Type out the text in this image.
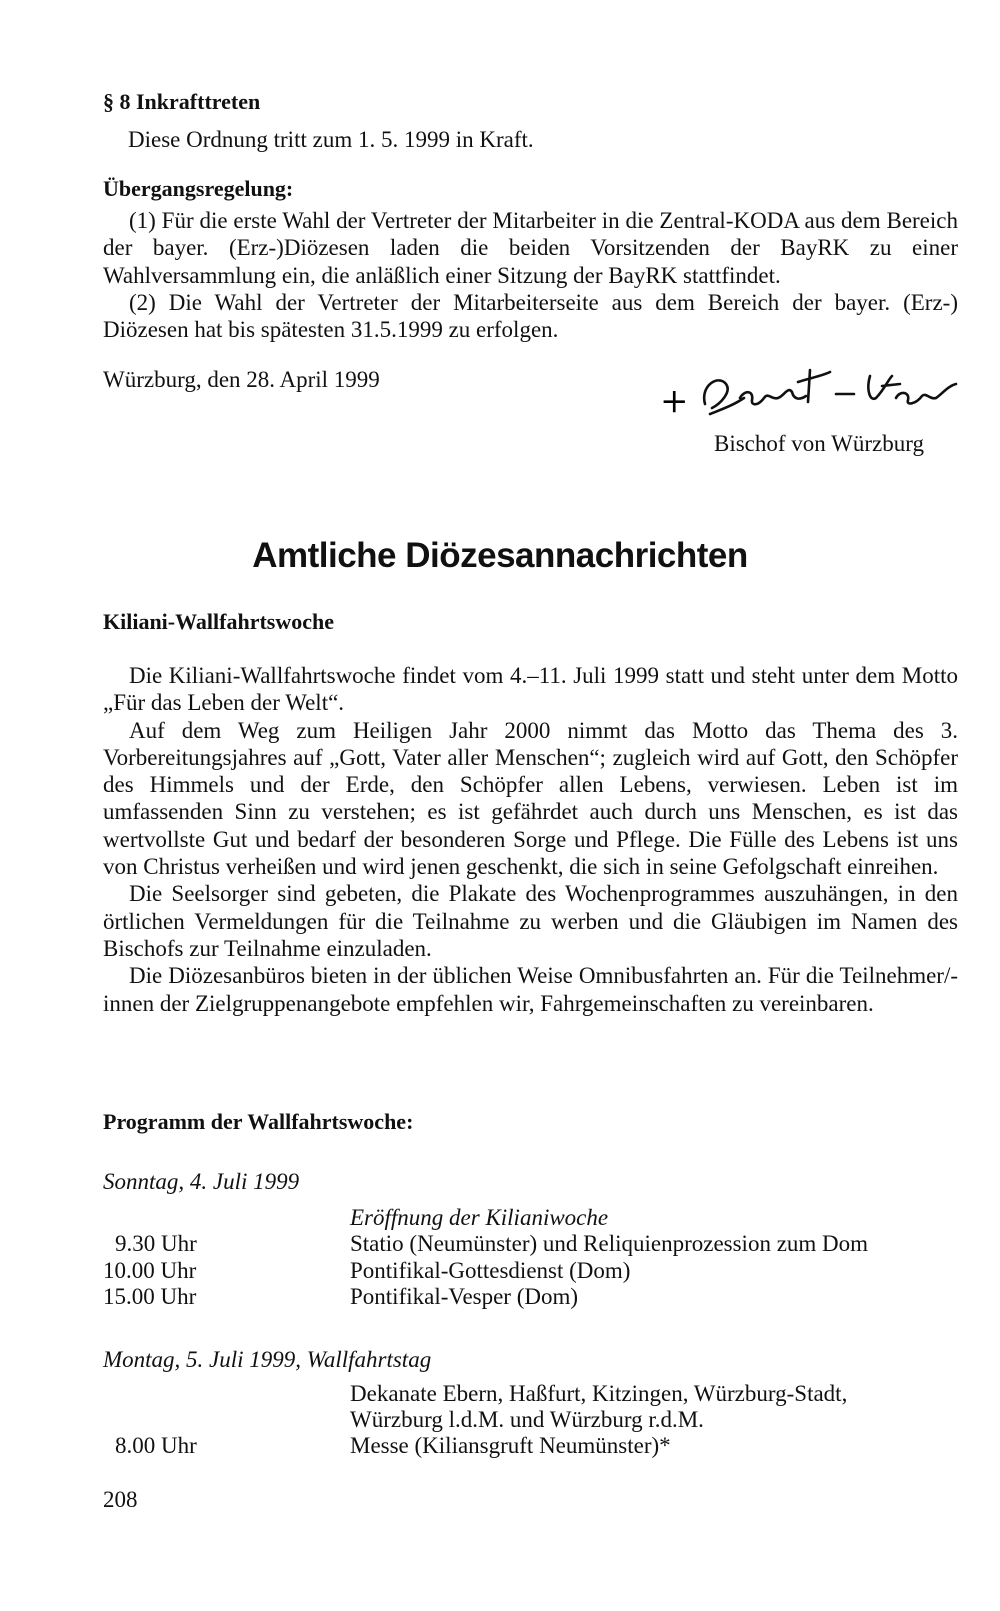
§ 8 Inkrafttreten
Diese Ordnung tritt zum 1. 5. 1999 in Kraft.
Übergangsregelung:

(1) Für die erste Wahl der Vertreter der Mitarbeiter in die Zentral-KODA aus dem Bereich der bayer. (Erz-)Diözesen laden die beiden Vorsitzenden der BayRK zu einer Wahlversammlung ein, die anläßlich einer Sitzung der BayRK stattfindet.

(2) Die Wahl der Vertreter der Mitarbeiterseite aus dem Bereich der bayer. (Erz-) Diözesen hat bis spätesten 31.5.1999 zu erfolgen.

Würzburg, den 28. April 1999
+
Bischof von Würzburg
Amtliche Diözesannachrichten
Kiliani-Wallfahrtswoche

Die Kiliani-Wallfahrtswoche findet vom 4.–11. Juli 1999 statt und steht unter dem Motto „Für das Leben der Welt“.

Auf dem Weg zum Heiligen Jahr 2000 nimmt das Motto das Thema des 3. Vorbereitungsjahres auf „Gott, Vater aller Menschen“; zugleich wird auf Gott, den Schöpfer des Himmels und der Erde, den Schöpfer allen Lebens, verwiesen. Leben ist im umfassenden Sinn zu verstehen; es ist gefährdet auch durch uns Menschen, es ist das wertvollste Gut und bedarf der besonderen Sorge und Pflege. Die Fülle des Lebens ist uns von Christus verheißen und wird jenen geschenkt, die sich in seine Gefolgschaft einreihen.

Die Seelsorger sind gebeten, die Plakate des Wochenprogrammes auszuhängen, in den örtlichen Vermeldungen für die Teilnahme zu werben und die Gläubigen im Namen des Bischofs zur Teilnahme einzuladen.

Die Diözesanbüros bieten in der üblichen Weise Omnibusfahrten an. Für die Teilnehmer/-innen der Zielgruppenangebote empfehlen wir, Fahrgemeinschaften zu vereinbaren.

Programm der Wallfahrtswoche:
Sonntag, 4. Juli 1999
Eröffnung der Kilianiwoche
9.30 Uhr	Statio (Neumünster) und Reliquienprozession zum Dom
10.00 Uhr	Pontifikal-Gottesdienst (Dom)
15.00 Uhr	Pontifikal-Vesper (Dom)
Montag, 5. Juli 1999, Wallfahrtstag
Dekanate Ebern, Haßfurt, Kitzingen, Würzburg-Stadt,
Würzburg l.d.M. und Würzburg r.d.M.
8.00 Uhr	Messe (Kiliansgruft Neumünster)*
208
